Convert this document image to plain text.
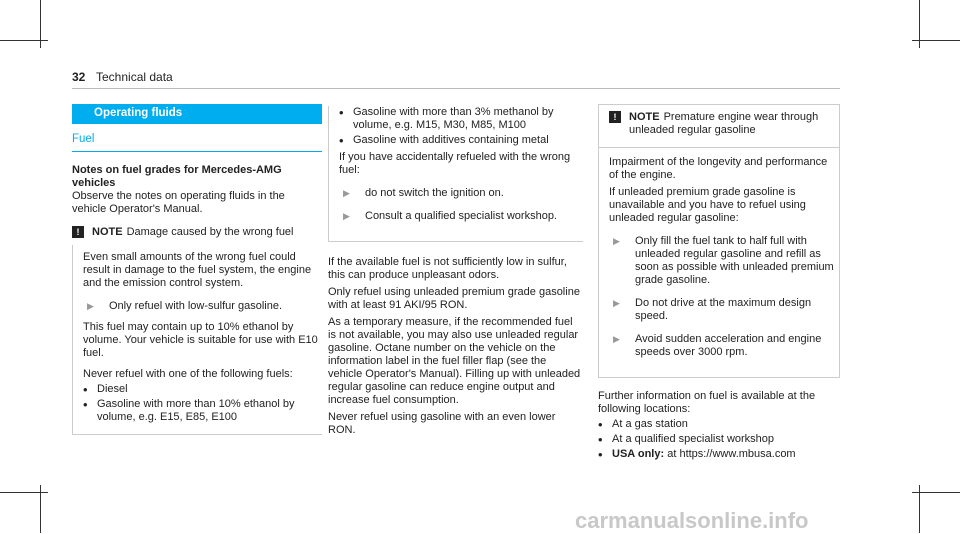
32 Technical data
Operating fluids
Fuel
Notes on fuel grades for Mercedes-AMG vehicles

Observe the notes on operating fluids in the vehicle Operator's Manual.

!	NOTE Damage caused by the wrong fuel

Even small amounts of the wrong fuel could result in damage to the fuel system, the engine and the emission control system.

▶	Only refuel with low-sulfur gasoline.

This fuel may contain up to 10% ethanol by volume. Your vehicle is suitable for use with E10 fuel.

Never refuel with one of the following fuels:

• Diesel
• Gasoline with more than 10% ethanol by volume, e.g. E15, E85, E100
• Gasoline with more than 3% methanol by volume, e.g. M15, M30, M85, M100
• Gasoline with additives containing metal

If you have accidentally refueled with the wrong fuel:

▶	do not switch the ignition on.
▶	Consult a qualified specialist workshop.

If the available fuel is not sufficiently low in sulfur, this can produce unpleasant odors.

Only refuel using unleaded premium grade gasoline with at least 91 AKI/95 RON.

As a temporary measure, if the recommended fuel is not available, you may also use unleaded regular gasoline. Octane number on the vehicle on the information label in the fuel filler flap (see the vehicle Operator's Manual). Filling up with unleaded regular gasoline can reduce engine output and increase fuel consumption.

Never refuel using gasoline with an even lower RON.

!	NOTE Premature engine wear through unleaded regular gasoline

Impairment of the longevity and performance of the engine.

If unleaded premium grade gasoline is unavailable and you have to refuel using unleaded regular gasoline:

▶	Only fill the fuel tank to half full with unleaded regular gasoline and refill as soon as possible with unleaded premium grade gasoline.
▶	Do not drive at the maximum design speed.
▶	Avoid sudden acceleration and engine speeds over 3000 rpm.

Further information on fuel is available at the following locations:

• At a gas station
• At a qualified specialist workshop
• USA only: at https://www.mbusa.com
carmanualsonline.info
